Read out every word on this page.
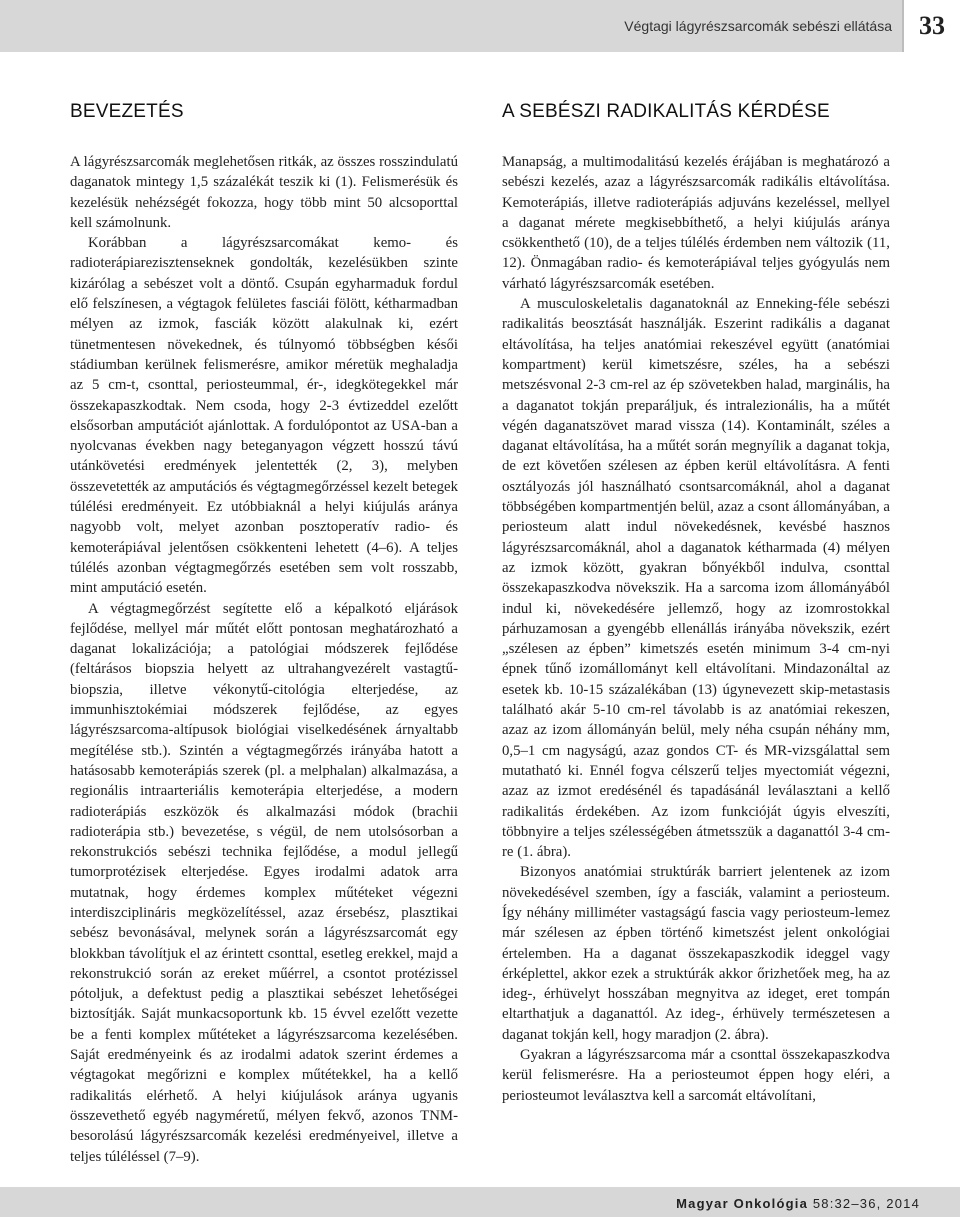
Végtagi lágyrészsarcomák sebészi ellátása	33
BEVEZETÉS

A lágyrészsarcomák meglehetősen ritkák, az összes rosszindulatú daganatok mintegy 1,5 százalékát teszik ki (1). Felismerésük és kezelésük nehézségét fokozza, hogy több mint 50 alcsoporttal kell számolnunk.

Korábban a lágyrészsarcomákat kemo- és radioterápiarezisztenseknek gondolták, kezelésükben szinte kizárólag a sebészet volt a döntő. Csupán egyharmaduk fordul elő felszínesen, a végtagok felületes fasciái fölött, kétharmadban mélyen az izmok, fasciák között alakulnak ki, ezért tünetmentesen növekednek, és túlnyomó többségben késői stádiumban kerülnek felismerésre, amikor méretük meghaladja az 5 cm-t, csonttal, periosteummal, ér-, idegkötegekkel már összekapaszkodtak. Nem csoda, hogy 2-3 évtizeddel ezelőtt elsősorban amputációt ajánlottak. A fordulópontot az USA-ban a nyolcvanas években nagy beteganyagon végzett hosszú távú utánkövetési eredmények jelentették (2, 3), melyben összevetették az amputációs és végtagmegőrzéssel kezelt betegek túlélési eredményeit. Ez utóbbiaknál a helyi kiújulás aránya nagyobb volt, melyet azonban posztoperatív radio- és kemoterápiával jelentősen csökkenteni lehetett (4–6). A teljes túlélés azonban végtagmegőrzés esetében sem volt rosszabb, mint amputáció esetén.

A végtagmegőrzést segítette elő a képalkotó eljárások fejlődése, mellyel már műtét előtt pontosan meghatározható a daganat lokalizációja; a patológiai módszerek fejlődése (feltárásos biopszia helyett az ultrahangvezérelt vastagtű-biopszia, illetve vékonytű-citológia elterjedése, az immunhisztokémiai módszerek fejlődése, az egyes lágyrészsarcoma-altípusok biológiai viselkedésének árnyaltabb megítélése stb.). Szintén a végtagmegőrzés irányába hatott a hatásosabb kemoterápiás szerek (pl. a melphalan) alkalmazása, a regionális intraarteriális kemoterápia elterjedése, a modern radioterápiás eszközök és alkalmazási módok (brachii radioterápia stb.) bevezetése, s végül, de nem utolsósorban a rekonstrukciós sebészi technika fejlődése, a modul jellegű tumorprotézisek elterjedése. Egyes irodalmi adatok arra mutatnak, hogy érdemes komplex műtéteket végezni interdiszciplináris megközelítéssel, azaz érsebész, plasztikai sebész bevonásával, melynek során a lágyrészsarcomát egy blokkban távolítjuk el az érintett csonttal, esetleg erekkel, majd a rekonstrukció során az ereket műérrel, a csontot protézissel pótoljuk, a defektust pedig a plasztikai sebészet lehetőségei biztosítják. Saját munkacsoportunk kb. 15 évvel ezelőtt vezette be a fenti komplex műtéteket a lágyrészsarcoma kezelésében. Saját eredményeink és az irodalmi adatok szerint érdemes a végtagokat megőrizni e komplex műtétekkel, ha a kellő radikalitás elérhető. A helyi kiújulások aránya ugyanis összevethető egyéb nagyméretű, mélyen fekvő, azonos TNM-besorolású lágyrészsarcomák kezelési eredményeivel, illetve a teljes túléléssel (7–9).

A SEBÉSZI RADIKALITÁS KÉRDÉSE

Manapság, a multimodalitású kezelés érájában is meghatározó a sebészi kezelés, azaz a lágyrészsarcomák radikális eltávolítása. Kemoterápiás, illetve radioterápiás adjuváns kezeléssel, mellyel a daganat mérete megkisebbíthető, a helyi kiújulás aránya csökkenthető (10), de a teljes túlélés érdemben nem változik (11, 12). Önmagában radio- és kemoterápiával teljes gyógyulás nem várható lágyrészsarcomák esetében.

A musculoskeletalis daganatoknál az Enneking-féle sebészi radikalitás beosztását használják. Eszerint radikális a daganat eltávolítása, ha teljes anatómiai rekeszével együtt (anatómiai kompartment) kerül kimetszésre, széles, ha a sebészi metszésvonal 2-3 cm-rel az ép szövetekben halad, marginális, ha a daganatot tokján preparáljuk, és intralezionális, ha a műtét végén daganatszövet marad vissza (14). Kontaminált, széles a daganat eltávolítása, ha a műtét során megnyílik a daganat tokja, de ezt követően szélesen az épben kerül eltávolításra. A fenti osztályozás jól használható csontsarcomáknál, ahol a daganat többségében kompartmentjén belül, azaz a csont állományában, a periosteum alatt indul növekedésnek, kevésbé hasznos lágyrészsarcomáknál, ahol a daganatok kétharmada (4) mélyen az izmok között, gyakran bőnyékből indulva, csonttal összekapaszkodva növekszik. Ha a sarcoma izom állományából indul ki, növekedésére jellemző, hogy az izomrostokkal párhuzamosan a gyengébb ellenállás irányába növekszik, ezért „szélesen az épben” kimetszés esetén minimum 3-4 cm-nyi épnek tűnő izomállományt kell eltávolítani. Mindazonáltal az esetek kb. 10-15 százalékában (13) úgynevezett skip-metastasis található akár 5-10 cm-rel távolabb is az anatómiai rekeszen, azaz az izom állományán belül, mely néha csupán néhány mm, 0,5–1 cm nagyságú, azaz gondos CT- és MR-vizsgálattal sem mutatható ki. Ennél fogva célszerű teljes myectomiát végezni, azaz az izmot eredésénél és tapadásánál leválasztani a kellő radikalitás érdekében. Az izom funkcióját úgyis elveszíti, többnyire a teljes szélességében átmetsszük a daganattól 3-4 cm-re (1. ábra).

Bizonyos anatómiai struktúrák barriert jelentenek az izom növekedésével szemben, így a fasciák, valamint a periosteum. Így néhány milliméter vastagságú fascia vagy periosteum-lemez már szélesen az épben történő kimetszést jelent onkológiai értelemben. Ha a daganat összekapaszkodik ideggel vagy érképlettel, akkor ezek a struktúrák akkor őrizhetőek meg, ha az ideg-, érhüvelyt hosszában megnyitva az ideget, eret tompán eltarthatjuk a daganattól. Az ideg-, érhüvely természetesen a daganat tokján kell, hogy maradjon (2. ábra).

Gyakran a lágyrészsarcoma már a csonttal összekapaszkodva kerül felismerésre. Ha a periosteumot éppen hogy eléri, a periosteumot leválasztva kell a sarcomát eltávolítani,

Magyar Onkológia 58:32–36, 2014
